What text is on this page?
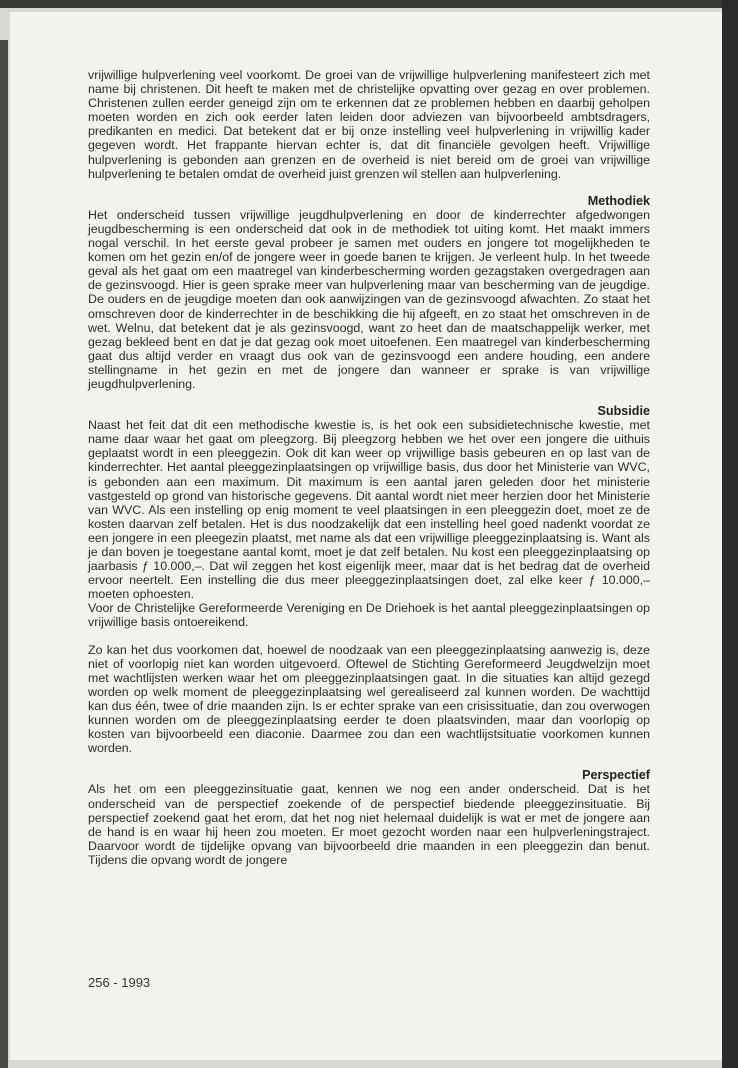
vrijwillige hulpverlening veel voorkomt. De groei van de vrijwillige hulpverlening manifesteert zich met name bij christenen. Dit heeft te maken met de christelijke opvatting over gezag en over problemen. Christenen zullen eerder geneigd zijn om te erkennen dat ze problemen hebben en daarbij geholpen moeten worden en zich ook eerder laten leiden door adviezen van bijvoorbeeld ambtsdragers, predikanten en medici. Dat betekent dat er bij onze instelling veel hulpverlening in vrijwillig kader gegeven wordt. Het frappante hiervan echter is, dat dit financiële gevolgen heeft. Vrijwillige hulpverlening is gebonden aan grenzen en de overheid is niet bereid om de groei van vrijwillige hulpverlening te betalen omdat de overheid juist grenzen wil stellen aan hulpverlening.

Methodiek

Het onderscheid tussen vrijwillige jeugdhulpverlening en door de kinderrechter afgedwongen jeugdbescherming is een onderscheid dat ook in de methodiek tot uiting komt. Het maakt immers nogal verschil. In het eerste geval probeer je samen met ouders en jongere tot mogelijkheden te komen om het gezin en/of de jongere weer in goede banen te krijgen. Je verleent hulp. In het tweede geval als het gaat om een maatregel van kinderbescherming worden gezagstaken overgedragen aan de gezinsvoogd. Hier is geen sprake meer van hulpverlening maar van bescherming van de jeugdige. De ouders en de jeugdige moeten dan ook aanwijzingen van de gezinsvoogd afwachten. Zo staat het omschreven door de kinderrechter in de beschikking die hij afgeeft, en zo staat het omschreven in de wet. Welnu, dat betekent dat je als gezinsvoogd, want zo heet dan de maatschappelijk werker, met gezag bekleed bent en dat je dat gezag ook moet uitoefenen. Een maatregel van kinderbescherming gaat dus altijd verder en vraagt dus ook van de gezinsvoogd een andere houding, een andere stellingname in het gezin en met de jongere dan wanneer er sprake is van vrijwillige jeugdhulpverlening.

Subsidie

Naast het feit dat dit een methodische kwestie is, is het ook een subsidietechnische kwestie, met name daar waar het gaat om pleegzorg. Bij pleegzorg hebben we het over een jongere die uithuis geplaatst wordt in een pleeggezin. Ook dit kan weer op vrijwillige basis gebeuren en op last van de kinderrechter. Het aantal pleeggezinplaatsingen op vrijwillige basis, dus door het Ministerie van WVC, is gebonden aan een maximum. Dit maximum is een aantal jaren geleden door het ministerie vastgesteld op grond van historische gegevens. Dit aantal wordt niet meer herzien door het Ministerie van WVC. Als een instelling op enig moment te veel plaatsingen in een pleeggezin doet, moet ze de kosten daarvan zelf betalen. Het is dus noodzakelijk dat een instelling heel goed nadenkt voordat ze een jongere in een pleegezin plaatst, met name als dat een vrijwillige pleeggezinplaatsing is. Want als je dan boven je toegestane aantal komt, moet je dat zelf betalen. Nu kost een pleeggezinplaatsing op jaarbasis ƒ 10.000,–. Dat wil zeggen het kost eigenlijk meer, maar dat is het bedrag dat de overheid ervoor neertelt. Een instelling die dus meer pleeggezinplaatsingen doet, zal elke keer ƒ 10.000,– moeten ophoesten.

Voor de Christelijke Gereformeerde Vereniging en De Driehoek is het aantal pleeggezinplaatsingen op vrijwillige basis ontoereikend.

Zo kan het dus voorkomen dat, hoewel de noodzaak van een pleeggezinplaatsing aanwezig is, deze niet of voorlopig niet kan worden uitgevoerd. Oftewel de Stichting Gereformeerd Jeugdwelzijn moet met wachtlijsten werken waar het om pleeggezinplaatsingen gaat. In die situaties kan altijd gezegd worden op welk moment de pleeggezinplaatsing wel gerealiseerd zal kunnen worden. De wachttijd kan dus één, twee of drie maanden zijn. Is er echter sprake van een crisissituatie, dan zou overwogen kunnen worden om de pleeggezinplaatsing eerder te doen plaatsvinden, maar dan voorlopig op kosten van bijvoorbeeld een diaconie. Daarmee zou dan een wachtlijstsituatie voorkomen kunnen worden.

Perspectief

Als het om een pleeggezinsituatie gaat, kennen we nog een ander onderscheid. Dat is het onderscheid van de perspectief zoekende of de perspectief biedende pleeggezinsituatie. Bij perspectief zoekend gaat het erom, dat het nog niet helemaal duidelijk is wat er met de jongere aan de hand is en waar hij heen zou moeten. Er moet gezocht worden naar een hulpverleningstraject. Daarvoor wordt de tijdelijke opvang van bijvoorbeeld drie maanden in een pleeggezin dan benut. Tijdens die opvang wordt de jongere

256 - 1993
